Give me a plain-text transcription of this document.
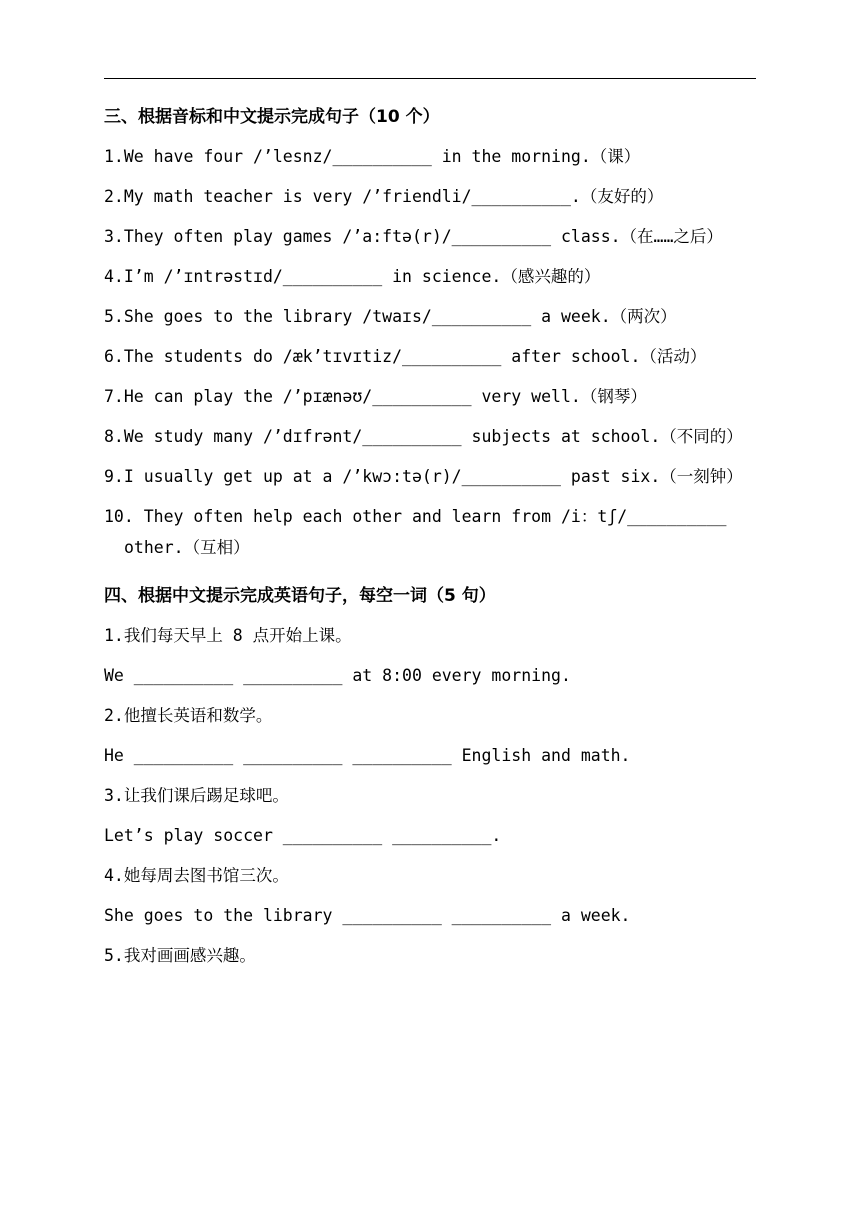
三、根据音标和中文提示完成句子（10 个）

1.We have four /’lesnz/__________ in the morning.（课）

2.My math teacher is very /’friendli/__________.（友好的）

3.They often play games /’a:ftə(r)/__________ class.（在……之后）

4.I’m /’ɪntrəstɪd/__________ in science.（感兴趣的）

5.She goes to the library /twaɪs/__________ a week.（两次）

6.The students do /æk’tɪvɪtiz/__________ after school.（活动）

7.He can play the /’pɪænəʊ/__________ very well.（钢琴）

8.We study many /’dɪfrənt/__________ subjects at school.（不同的）

9.I usually get up at a /’kwɔ:tə(r)/__________ past six.（一刻钟）

10. They often help each other and learn from /i：tʃ/__________ other.（互相）

四、根据中文提示完成英语句子，每空一词（5 句）

1.我们每天早上 8 点开始上课。

We __________ __________ at 8:00 every morning.

2.他擅长英语和数学。

He __________ __________ __________ English and math.

3.让我们课后踢足球吧。

Let’s play soccer __________ __________.

4.她每周去图书馆三次。

She goes to the library __________ __________ a week.

5.我对画画感兴趣。
